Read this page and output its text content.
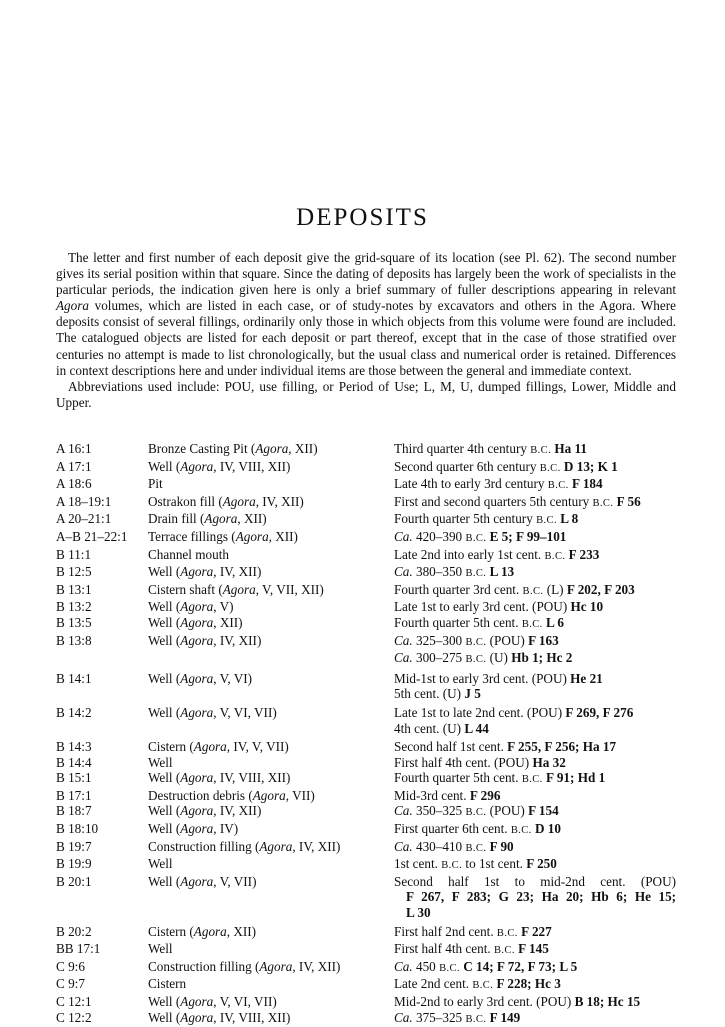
DEPOSITS

The letter and first number of each deposit give the grid-square of its location (see Pl. 62). The second number gives its serial position within that square. Since the dating of deposits has largely been the work of specialists in the particular periods, the indication given here is only a brief summary of fuller descriptions appearing in relevant Agora volumes, which are listed in each case, or of study-notes by excavators and others in the Agora. Where deposits consist of several fillings, ordinarily only those in which objects from this volume were found are included. The catalogued objects are listed for each deposit or part thereof, except that in the case of those stratified over centuries no attempt is made to list chronologically, but the usual class and numerical order is retained. Differences in context descriptions here and under individual items are those between the general and immediate context.

Abbreviations used include: POU, use filling, or Period of Use; L, M, U, dumped fillings, Lower, Middle and Upper.

A 16:1	Bronze Casting Pit (Agora, XII)	Third quarter 4th century B.C. Ha 11
A 17:1	Well (Agora, IV, VIII, XII)	Second quarter 6th century B.C. D 13; K 1
A 18:6	Pit	Late 4th to early 3rd century B.C. F 184
A 18–19:1	Ostrakon fill (Agora, IV, XII)	First and second quarters 5th century B.C. F 56
A 20–21:1	Drain fill (Agora, XII)	Fourth quarter 5th century B.C. L 8
A–B 21–22:1 Terrace fillings (Agora, XII)	Ca. 420–390 B.C. E 5; F 99–101
B 11:1	Channel mouth	Late 2nd into early 1st cent. B.C. F 233
B 12:5	Well (Agora, IV, XII)	Ca. 380–350 B.C. L 13
B 13:1	Cistern shaft (Agora, V, VII, XII)	Fourth quarter 3rd cent. B.C. (L) F 202, F 203
B 13:2	Well (Agora, V)	Late 1st to early 3rd cent. (POU) Hc 10
B 13:5	Well (Agora, XII)	Fourth quarter 5th cent. B.C. L 6
B 13:8	Well (Agora, IV, XII)	Ca. 325–300 B.C. (POU) F 163
Ca. 300–275 B.C. (U) Hb 1; Hc 2
B 14:1	Well (Agora, V, VI)	Mid-1st to early 3rd cent. (POU) He 21
5th cent. (U) J 5
B 14:2	Well (Agora, V, VI, VII)	Late 1st to late 2nd cent. (POU) F 269, F 276
4th cent. (U) L 44
B 14:3	Cistern (Agora, IV, V, VII)	Second half 1st cent. F 255, F 256; Ha 17
B 14:4	Well	First half 4th cent. (POU) Ha 32
B 15:1	Well (Agora, IV, VIII, XII)	Fourth quarter 5th cent. B.C. F 91; Hd 1
B 17:1	Destruction debris (Agora, VII)	Mid-3rd cent. F 296
B 18:7	Well (Agora, IV, XII)	Ca. 350–325 B.C. (POU) F 154
B 18:10	Well (Agora, IV)	First quarter 6th cent. B.C. D 10
B 19:7	Construction filling (Agora, IV, XII)	Ca. 430–410 B.C. F 90
B 19:9	Well	1st cent. B.C. to 1st cent. F 250
B 20:1	Well (Agora, V, VII)	Second half 1st to mid-2nd cent. (POU)
F 267, F 283; G 23; Ha 20; Hb 6; He 15;
L 30
B 20:2	Cistern (Agora, XII)	First half 2nd cent. B.C. F 227
BB 17:1	Well	First half 4th cent. B.C. F 145
C 9:6	Construction filling (Agora, IV, XII)	Ca. 450 B.C. C 14; F 72, F 73; L 5
C 9:7	Cistern	Late 2nd cent. B.C. F 228; Hc 3
C 12:1	Well (Agora, V, VI, VII)	Mid-2nd to early 3rd cent. (POU) B 18; Hc 15
C 12:2	Well (Agora, IV, VIII, XII)	Ca. 375–325 B.C. F 149
